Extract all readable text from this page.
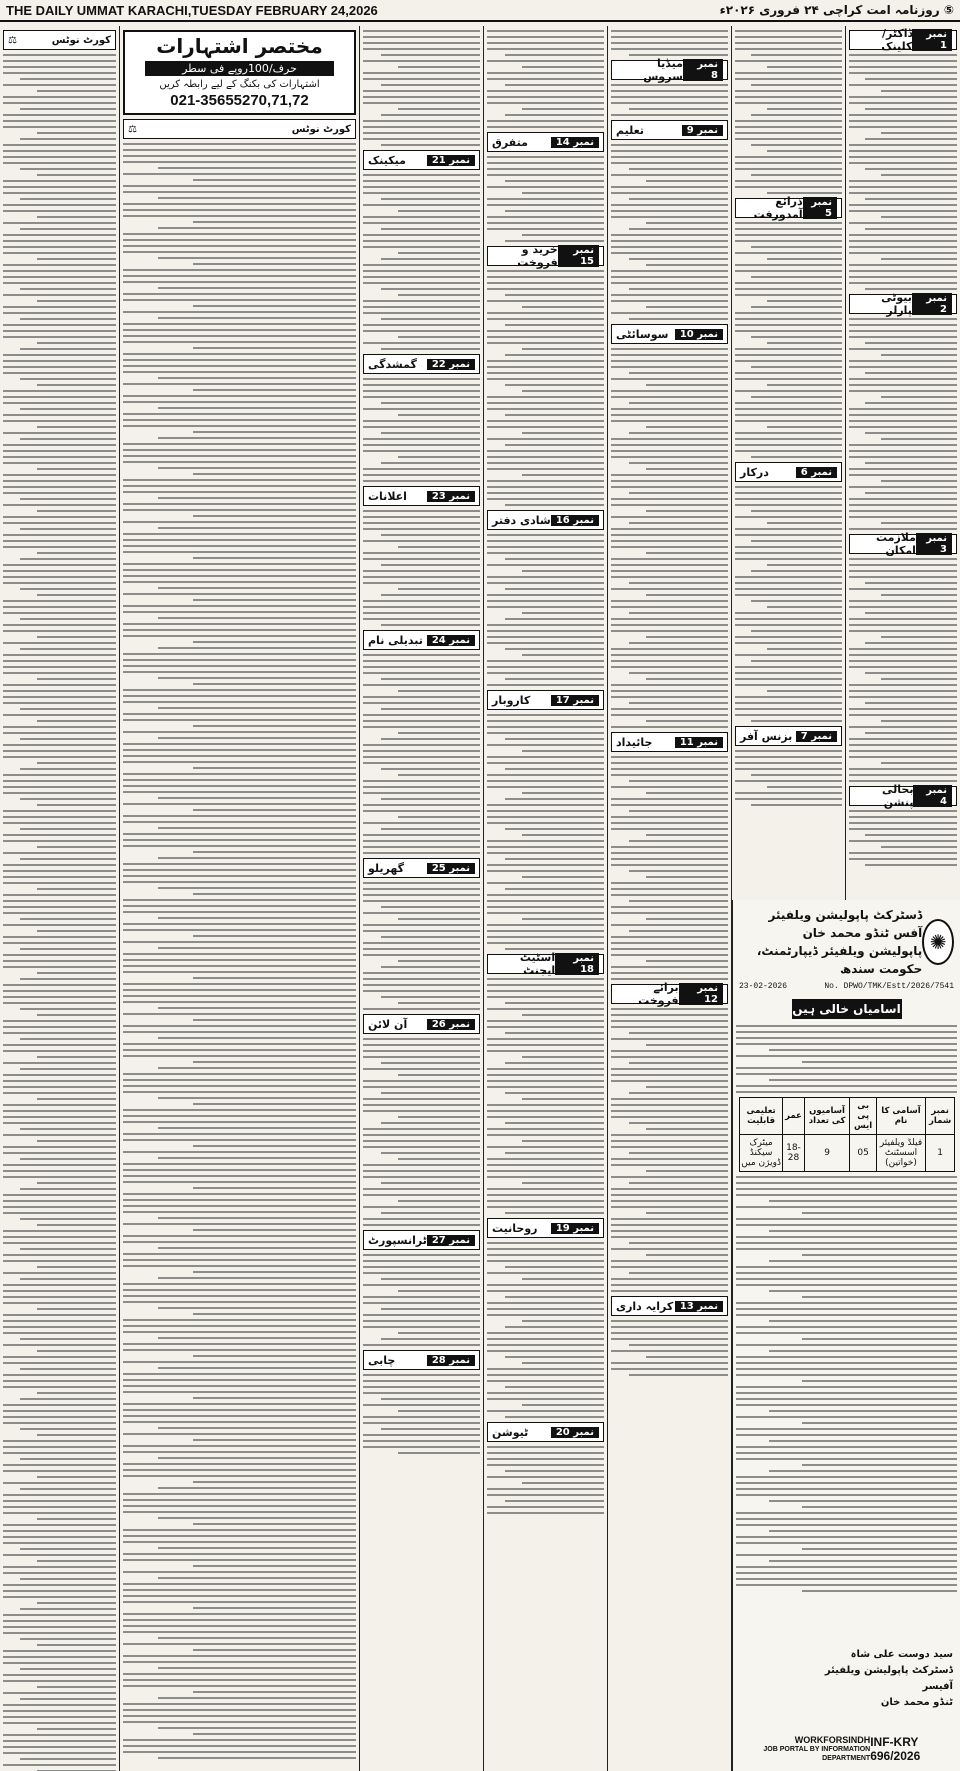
THE DAILY UMMAT KARACHI,TUESDAY FEBRUARY 24,2026	⑤ روزنامہ امت کراچی ۲۴ فروری ۲۰۲۶ء
کورٹ نوٹس
⚖	مختصر اشتہارات
حرف/100روپے فی سطر
اشتہارات کی بکنگ کے لیے رابطہ کریں
021-35655270,71,72
کورٹ نوٹس
⚖
نمبر 21
میکینک
نمبر 22
گمشدگی
نمبر 23
اعلانات
نمبر 24
تبدیلی نام
نمبر 25
گھریلو
نمبر 26
آن لائن
نمبر 27
ٹرانسپورٹ
نمبر 28
چابی
نمبر 14
متفرق
نمبر 15
خرید و فروخت
نمبر 16
شادی دفتر
نمبر 17
کاروبار
نمبر 18
اسٹیٹ ایجنٹ
نمبر 19
روحانیت
نمبر 20
ٹیوشن
نمبر 8
میڈیا سروس
نمبر 9
تعلیم
نمبر 10
سوسائٹی
نمبر 11
جائیداد
نمبر 12
برائے فروخت
نمبر 13
کرایہ داری
نمبر 5
ذرائع آمدورفت
نمبر 6
درکار
نمبر 7
بزنس آفر
نمبر 1
ڈاکٹر/کلینک
نمبر 2
بیوٹی پارلر
نمبر 3
ملازمت امکان
نمبر 4
بحالی پنشن
ڈسٹرکٹ پاپولیشن ویلفیئر آفس ٹنڈو محمد خان
پاپولیشن ویلفیئر ڈیپارٹمنٹ، حکومت سندھ
✺
23-02-2026	No. DPWO/TMK/Estt/2026/7541
اسامیاں خالی ہیں
نمبر شمار	آسامی کا نام	بی پی ایس	آسامیوں کی تعداد	عمر	تعلیمی قابلیت
1	فیلڈ ویلفیئر اسسٹنٹ (خواتین)	05	9	18-28	میٹرک سیکنڈ ڈویژن میں
سید دوست علی شاہ
ڈسٹرکٹ پاپولیشن ویلفیئر آفیسر
ٹنڈو محمد خان
WORKFORSINDH
JOB PORTAL BY INFORMATION DEPARTMENT
INF-KRY 696/2026
